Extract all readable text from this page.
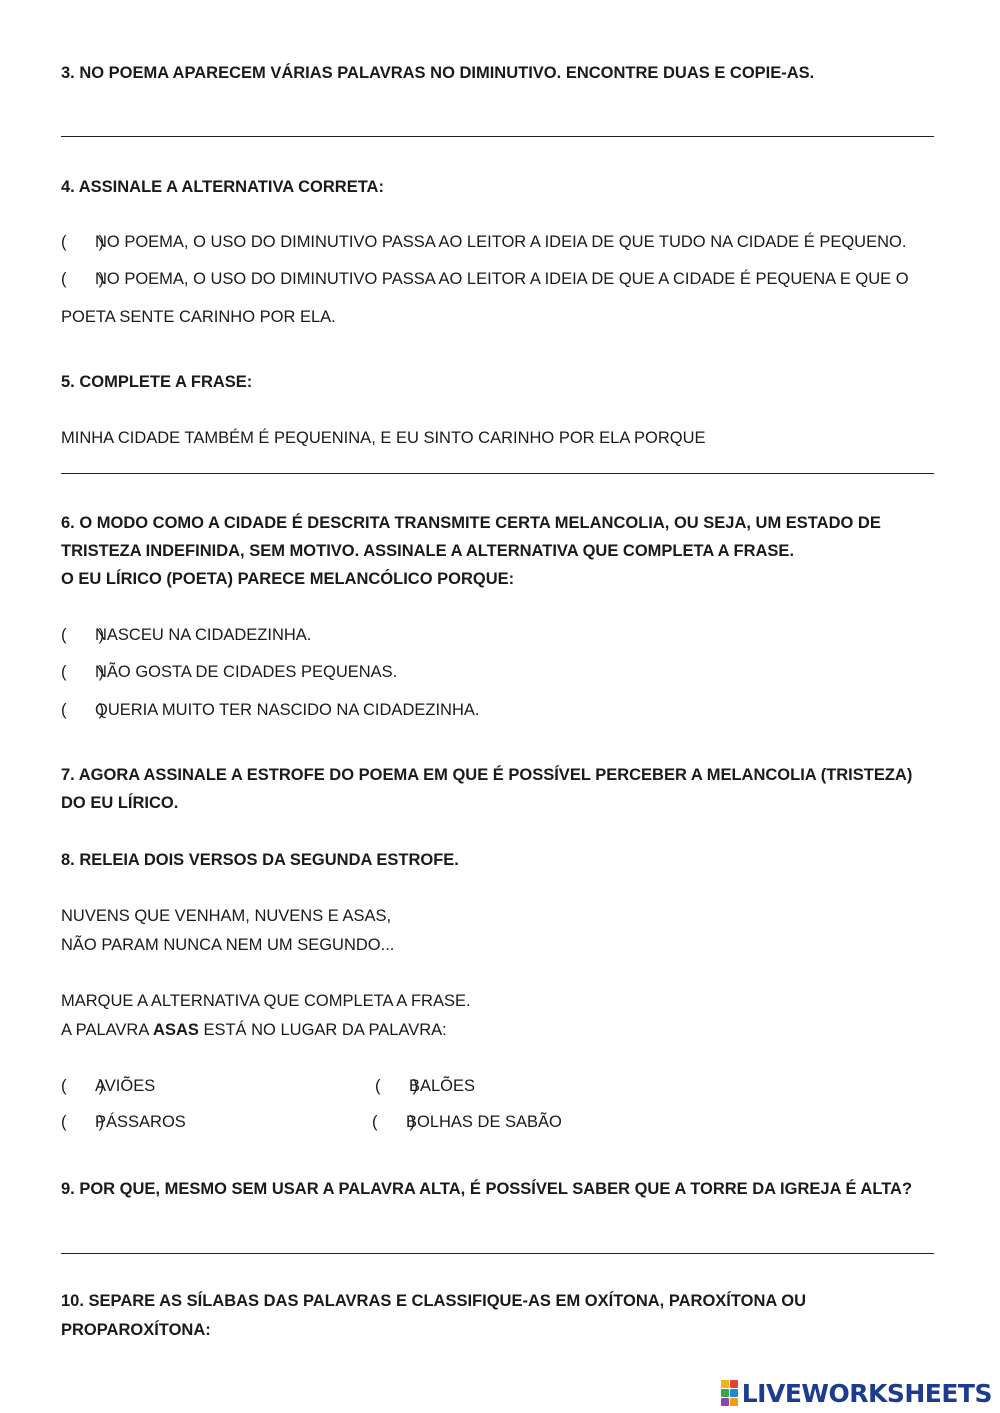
3. NO POEMA APARECEM VÁRIAS PALAVRAS NO DIMINUTIVO. ENCONTRE DUAS E COPIE-AS.
4. ASSINALE A ALTERNATIVA CORRETA:
(       )NO POEMA, O USO DO DIMINUTIVO PASSA AO LEITOR A IDEIA DE QUE TUDO NA CIDADE É PEQUENO.
(       )NO POEMA, O USO DO DIMINUTIVO PASSA AO LEITOR A IDEIA DE QUE A CIDADE É PEQUENA E QUE O
POETA SENTE CARINHO POR ELA.
5. COMPLETE A FRASE:
MINHA CIDADE TAMBÉM É PEQUENINA, E EU SINTO CARINHO POR ELA PORQUE
6. O MODO COMO A CIDADE É DESCRITA TRANSMITE CERTA MELANCOLIA, OU SEJA, UM ESTADO DE
TRISTEZA INDEFINIDA, SEM MOTIVO. ASSINALE A ALTERNATIVA QUE COMPLETA A FRASE.
O EU LÍRICO (POETA) PARECE MELANCÓLICO PORQUE:
(       )NASCEU NA CIDADEZINHA.
(       )NÃO GOSTA DE CIDADES PEQUENAS.
(       )QUERIA MUITO TER NASCIDO NA CIDADEZINHA.
7. AGORA ASSINALE A ESTROFE DO POEMA EM QUE É POSSÍVEL PERCEBER A MELANCOLIA (TRISTEZA)
DO EU LÍRICO.
8. RELEIA DOIS VERSOS DA SEGUNDA ESTROFE.
NUVENS QUE VENHAM, NUVENS E ASAS,
NÃO PARAM NUNCA NEM UM SEGUNDO...
MARQUE A ALTERNATIVA QUE COMPLETA A FRASE.
A PALAVRA ASAS ESTÁ NO LUGAR DA PALAVRA:
(       )AVIÕES	(       )BALÕES
(       )PÁSSAROS	(       )BOLHAS DE SABÃO
9. POR QUE, MESMO SEM USAR A PALAVRA ALTA, É POSSÍVEL SABER QUE A TORRE DA IGREJA É ALTA?
10. SEPARE AS SÍLABAS DAS PALAVRAS E CLASSIFIQUE-AS EM OXÍTONA, PAROXÍTONA OU
PROPAROXÍTONA:
LIVEWORKSHEETS
